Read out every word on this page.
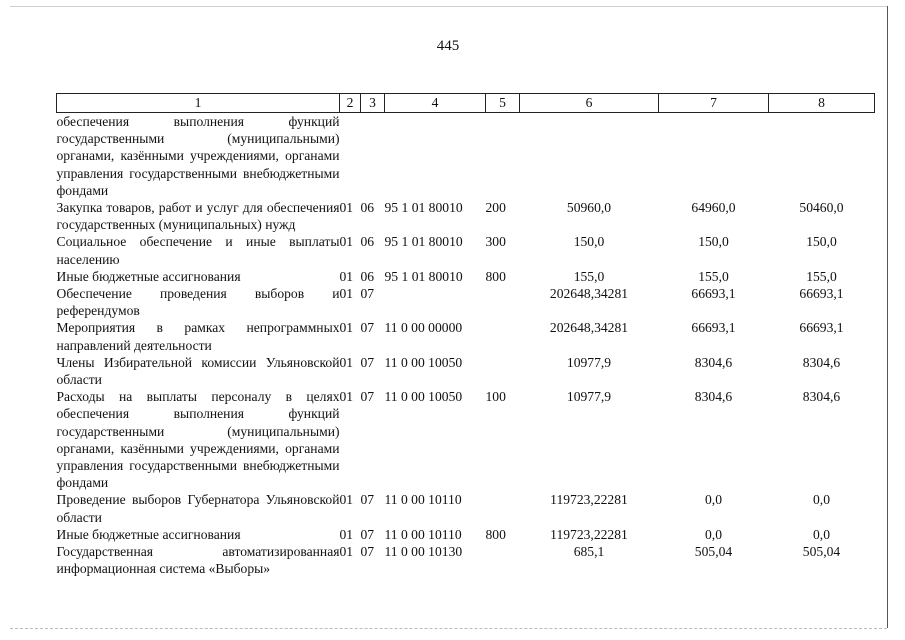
445
1	2	3	4	5	6	7	8
обеспечения выполнения функций государственными (муниципальными) органами, казёнными учреждениями, органами управления государственными внебюджетными фондами							
Закупка товаров, работ и услуг для обеспечения государственных (муниципальных) нужд	01	06	95 1 01 80010	200	50960,0	64960,0	50460,0
Социальное обеспечение и иные выплаты населению	01	06	95 1 01 80010	300	150,0	150,0	150,0
Иные бюджетные ассигнования	01	06	95 1 01 80010	800	155,0	155,0	155,0
Обеспечение проведения выборов и референдумов	01	07			202648,34281	66693,1	66693,1
Мероприятия в рамках непрограммных направлений деятельности	01	07	11 0 00 00000		202648,34281	66693,1	66693,1
Члены Избирательной комиссии Ульяновской области	01	07	11 0 00 10050		10977,9	8304,6	8304,6
Расходы на выплаты персоналу в целях обеспечения выполнения функций государственными (муниципальными) органами, казёнными учреждениями, органами управления государственными внебюджетными фондами	01	07	11 0 00 10050	100	10977,9	8304,6	8304,6
Проведение выборов Губернатора Ульяновской области	01	07	11 0 00 10110		119723,22281	0,0	0,0
Иные бюджетные ассигнования	01	07	11 0 00 10110	800	119723,22281	0,0	0,0
Государственная автоматизированная информационная система «Выборы»	01	07	11 0 00 10130		685,1	505,04	505,04
